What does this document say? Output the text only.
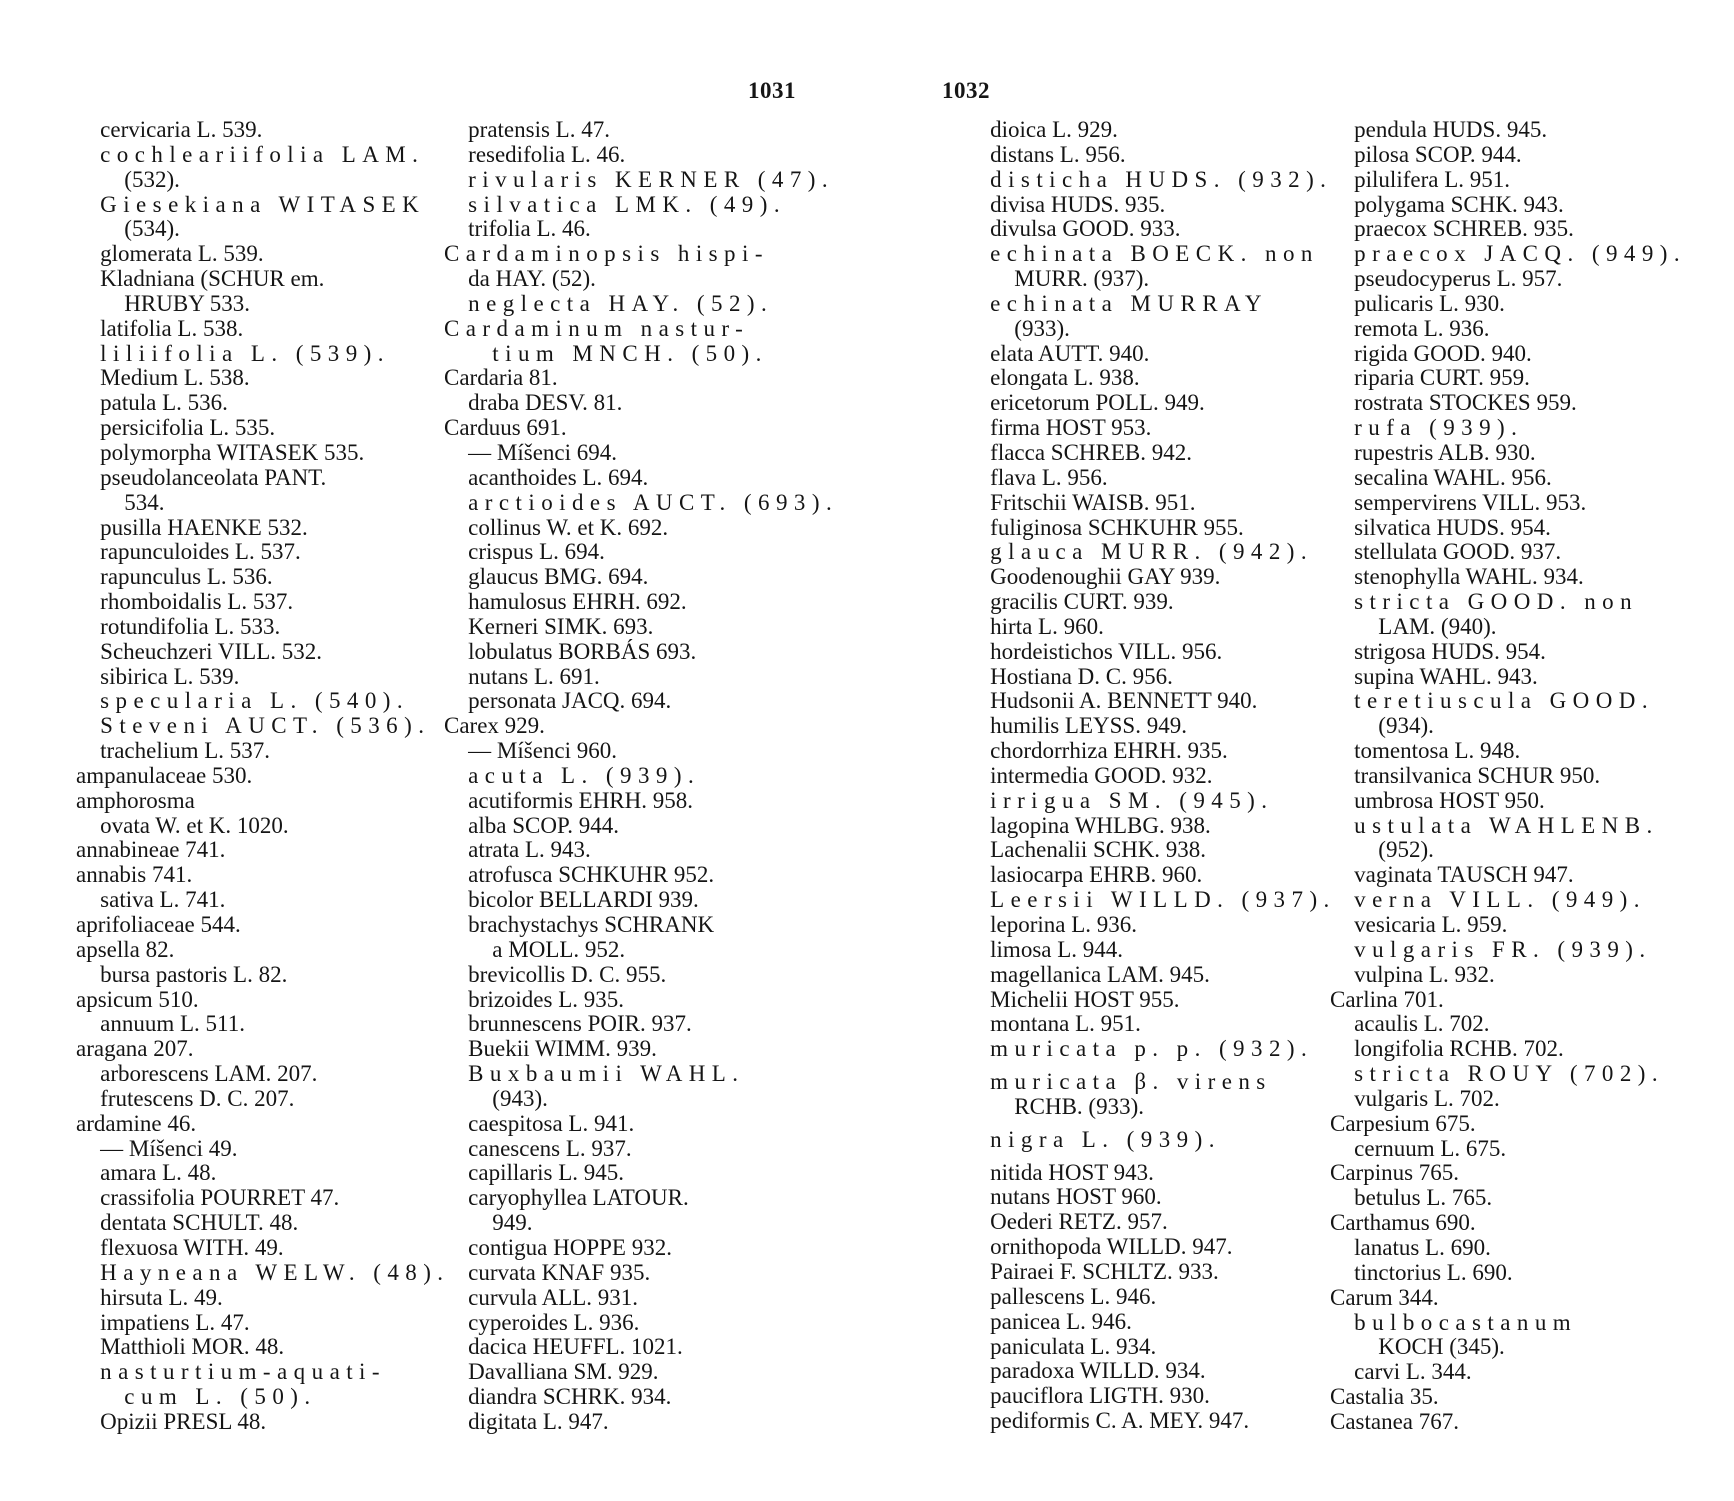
1031	1032
cervicaria L. 539.
cochleariifolia LAM.
(532).
Giesekiana WITASEK
(534).
glomerata L. 539.
Kladniana (SCHUR em.
HRUBY 533.
latifolia L. 538.
liliifolia L. (539).
Medium L. 538.
patula L. 536.
persicifolia L. 535.
polymorpha WITASEK 535.
pseudolanceolata PANT.
534.
pusilla HAENKE 532.
rapunculoides L. 537.
rapunculus L. 536.
rhomboidalis L. 537.
rotundifolia L. 533.
Scheuchzeri VILL. 532.
sibirica L. 539.
specularia L. (540).
Steveni AUCT. (536).
trachelium L. 537.
ampanulaceae 530.
amphorosma
ovata W. et K. 1020.
annabineae 741.
annabis 741.
sativa L. 741.
aprifoliaceae 544.
apsella 82.
bursa pastoris L. 82.
apsicum 510.
annuum L. 511.
aragana 207.
arborescens LAM. 207.
frutescens D. C. 207.
ardamine 46.
— Míšenci 49.
amara L. 48.
crassifolia POURRET 47.
dentata SCHULT. 48.
flexuosa WITH. 49.
Hayneana WELW. (48).
hirsuta L. 49.
impatiens L. 47.
Matthioli MOR. 48.
nasturtium-aquati-
cum L. (50).
Opizii PRESL 48.
pratensis L. 47.
resedifolia L. 46.
rivularis KERNER (47).
silvatica LMK. (49).
trifolia L. 46.
Cardaminopsis hispi-
da HAY. (52).
neglecta HAY. (52).
Cardaminum nastur-
tium MNCH. (50).
Cardaria 81.
draba DESV. 81.
Carduus 691.
— Míšenci 694.
acanthoides L. 694.
arctioides AUCT. (693).
collinus W. et K. 692.
crispus L. 694.
glaucus BMG. 694.
hamulosus EHRH. 692.
Kerneri SIMK. 693.
lobulatus BORBÁS 693.
nutans L. 691.
personata JACQ. 694.
Carex 929.
— Míšenci 960.
acuta L. (939).
acutiformis EHRH. 958.
alba SCOP. 944.
atrata L. 943.
atrofusca SCHKUHR 952.
bicolor BELLARDI 939.
brachystachys SCHRANK
a MOLL. 952.
brevicollis D. C. 955.
brizoides L. 935.
brunnescens POIR. 937.
Buekii WIMM. 939.
Buxbaumii WAHL.
(943).
caespitosa L. 941.
canescens L. 937.
capillaris L. 945.
caryophyllea LATOUR.
949.
contigua HOPPE 932.
curvata KNAF 935.
curvula ALL. 931.
cyperoides L. 936.
dacica HEUFFL. 1021.
Davalliana SM. 929.
diandra SCHRK. 934.
digitata L. 947.
dioica L. 929.
distans L. 956.
disticha HUDS. (932).
divisa HUDS. 935.
divulsa GOOD. 933.
echinata BOECK. non
MURR. (937).
echinata MURRAY
(933).
elata AUTT. 940.
elongata L. 938.
ericetorum POLL. 949.
firma HOST 953.
flacca SCHREB. 942.
flava L. 956.
Fritschii WAISB. 951.
fuliginosa SCHKUHR 955.
glauca MURR. (942).
Goodenoughii GAY 939.
gracilis CURT. 939.
hirta L. 960.
hordeistichos VILL. 956.
Hostiana D. C. 956.
Hudsonii A. BENNETT 940.
humilis LEYSS. 949.
chordorrhiza EHRH. 935.
intermedia GOOD. 932.
irrigua SM. (945).
lagopina WHLBG. 938.
Lachenalii SCHK. 938.
lasiocarpa EHRB. 960.
Leersii WILLD. (937).
leporina L. 936.
limosa L. 944.
magellanica LAM. 945.
Michelii HOST 955.
montana L. 951.
muricata p. p. (932).
muricata β. virens
RCHB. (933).
nigra L. (939).
nitida HOST 943.
nutans HOST 960.
Oederi RETZ. 957.
ornithopoda WILLD. 947.
Pairaei F. SCHLTZ. 933.
pallescens L. 946.
panicea L. 946.
paniculata L. 934.
paradoxa WILLD. 934.
pauciflora LIGTH. 930.
pediformis C. A. MEY. 947.
pendula HUDS. 945.
pilosa SCOP. 944.
pilulifera L. 951.
polygama SCHK. 943.
praecox SCHREB. 935.
praecox JACQ. (949).
pseudocyperus L. 957.
pulicaris L. 930.
remota L. 936.
rigida GOOD. 940.
riparia CURT. 959.
rostrata STOCKES 959.
rufa (939).
rupestris ALB. 930.
secalina WAHL. 956.
sempervirens VILL. 953.
silvatica HUDS. 954.
stellulata GOOD. 937.
stenophylla WAHL. 934.
stricta GOOD. non
LAM. (940).
strigosa HUDS. 954.
supina WAHL. 943.
teretiuscula GOOD.
(934).
tomentosa L. 948.
transilvanica SCHUR 950.
umbrosa HOST 950.
ustulata WAHLENB.
(952).
vaginata TAUSCH 947.
verna VILL. (949).
vesicaria L. 959.
vulgaris FR. (939).
vulpina L. 932.
Carlina 701.
acaulis L. 702.
longifolia RCHB. 702.
stricta ROUY (702).
vulgaris L. 702.
Carpesium 675.
cernuum L. 675.
Carpinus 765.
betulus L. 765.
Carthamus 690.
lanatus L. 690.
tinctorius L. 690.
Carum 344.
bulbocastanum
KOCH (345).
carvi L. 344.
Castalia 35.
Castanea 767.
